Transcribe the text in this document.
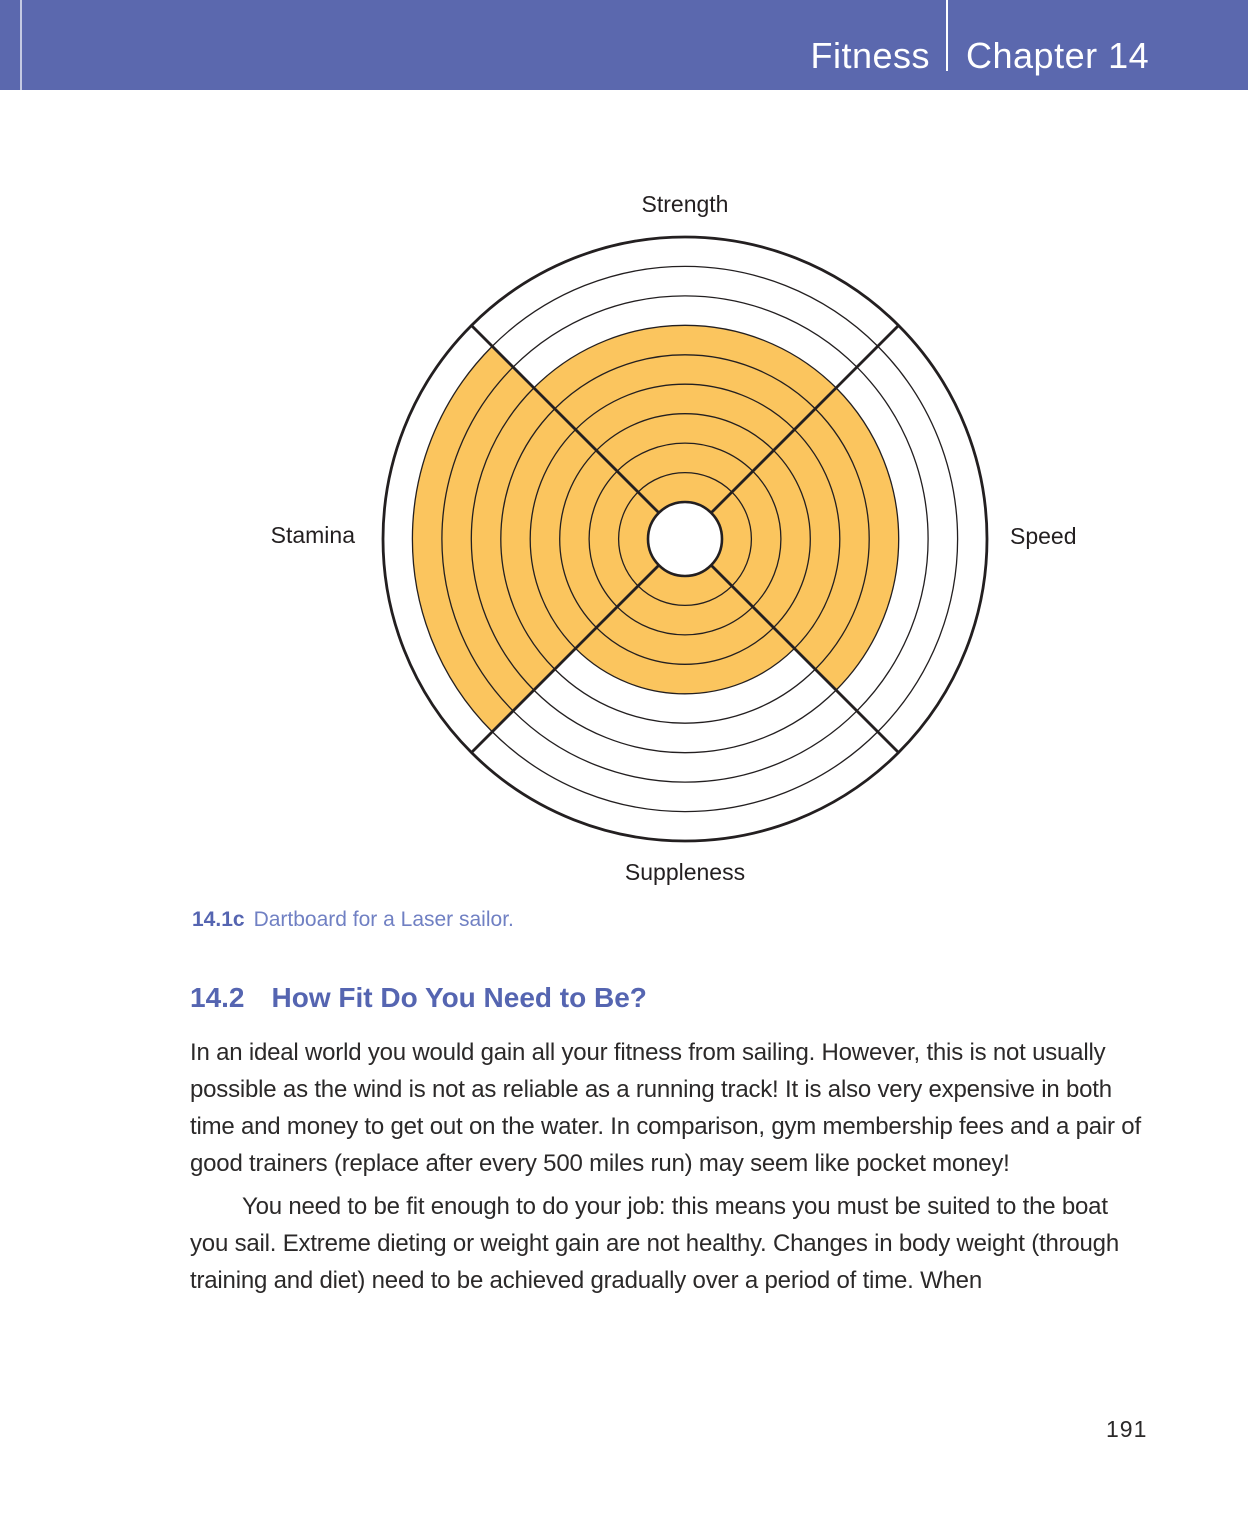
Fitness Chapter 14
Strength
Speed
Suppleness
Stamina
14.1c Dartboard for a Laser sailor.
14.2 How Fit Do You Need to Be?

In an ideal world you would gain all your fitness from sailing. However, this is not usually possible as the wind is not as reliable as a running track! It is also very expensive in both time and money to get out on the water. In comparison, gym membership fees and a pair of good trainers (replace after every 500 miles run) may seem like pocket money!

You need to be fit enough to do your job: this means you must be suited to the boat you sail. Extreme dieting or weight gain are not healthy. Changes in body weight (through training and diet) need to be achieved gradually over a period of time. When

191
